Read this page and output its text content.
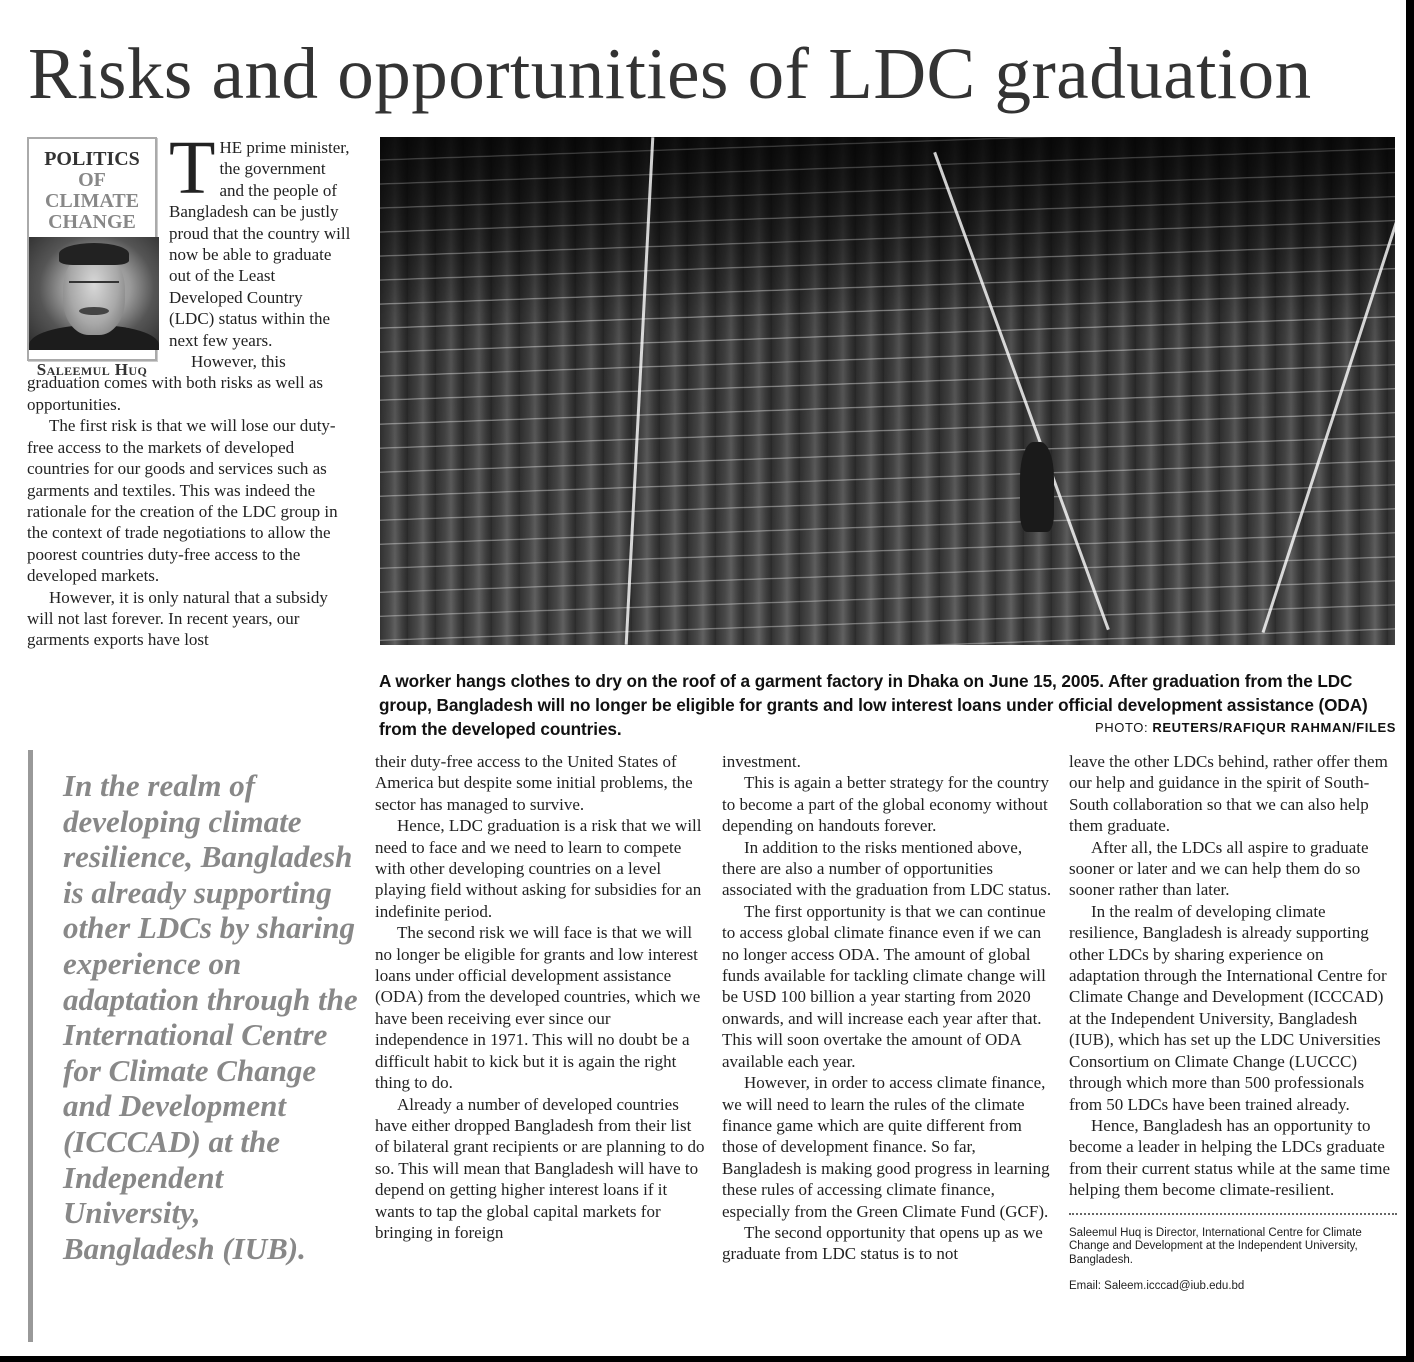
Risks and opportunities of LDC graduation
POLITICS
OF CLIMATE
CHANGE
Saleemul Huq

THE prime minister, the government and the people of Bangladesh can be justly proud that the country will now be able to graduate out of the Least Developed Country (LDC) status within the next few years.

However, this graduation comes with both risks as well as opportunities.

The first risk is that we will lose our duty-free access to the markets of developed countries for our goods and services such as garments and textiles. This was indeed the rationale for the creation of the LDC group in the context of trade negotiations to allow the poorest countries duty-free access to the developed markets.

However, it is only natural that a subsidy will not last forever. In recent years, our garments exports have lost

A worker hangs clothes to dry on the roof of a garment factory in Dhaka on June 15, 2005. After graduation from the LDC group, Bangladesh will no longer be eligible for grants and low interest loans under official development assistance (ODA) from the developed countries.	PHOTO: REUTERS/RAFIQUR RAHMAN/FILES
In the realm of developing climate resilience, Bangladesh is already supporting other LDCs by sharing experience on adaptation through the International Centre for Climate Change and Development (ICCCAD) at the Independent University, Bangladesh (IUB).

their duty-free access to the United States of America but despite some initial problems, the sector has managed to survive.

Hence, LDC graduation is a risk that we will need to face and we need to learn to compete with other developing countries on a level playing field without asking for subsidies for an indefinite period.

The second risk we will face is that we will no longer be eligible for grants and low interest loans under official development assistance (ODA) from the developed countries, which we have been receiving ever since our independence in 1971. This will no doubt be a difficult habit to kick but it is again the right thing to do.

Already a number of developed countries have either dropped Bangladesh from their list of bilateral grant recipients or are planning to do so. This will mean that Bangladesh will have to depend on getting higher interest loans if it wants to tap the global capital markets for bringing in foreign

investment.

This is again a better strategy for the country to become a part of the global economy without depending on handouts forever.

In addition to the risks mentioned above, there are also a number of opportunities associated with the graduation from LDC status.

The first opportunity is that we can continue to access global climate finance even if we can no longer access ODA. The amount of global funds available for tackling climate change will be USD 100 billion a year starting from 2020 onwards, and will increase each year after that. This will soon overtake the amount of ODA available each year.

However, in order to access climate finance, we will need to learn the rules of the climate finance game which are quite different from those of development finance. So far, Bangladesh is making good progress in learning these rules of accessing climate finance, especially from the Green Climate Fund (GCF).

The second opportunity that opens up as we graduate from LDC status is to not

leave the other LDCs behind, rather offer them our help and guidance in the spirit of South-South collaboration so that we can also help them graduate.

After all, the LDCs all aspire to graduate sooner or later and we can help them do so sooner rather than later.

In the realm of developing climate resilience, Bangladesh is already supporting other LDCs by sharing experience on adaptation through the International Centre for Climate Change and Development (ICCCAD) at the Independent University, Bangladesh (IUB), which has set up the LDC Universities Consortium on Climate Change (LUCCC) through which more than 500 professionals from 50 LDCs have been trained already.

Hence, Bangladesh has an opportunity to become a leader in helping the LDCs graduate from their current status while at the same time helping them become climate-resilient.

Saleemul Huq is Director, International Centre for Climate Change and Development at the Independent University, Bangladesh.
Email: Saleem.icccad@iub.edu.bd
